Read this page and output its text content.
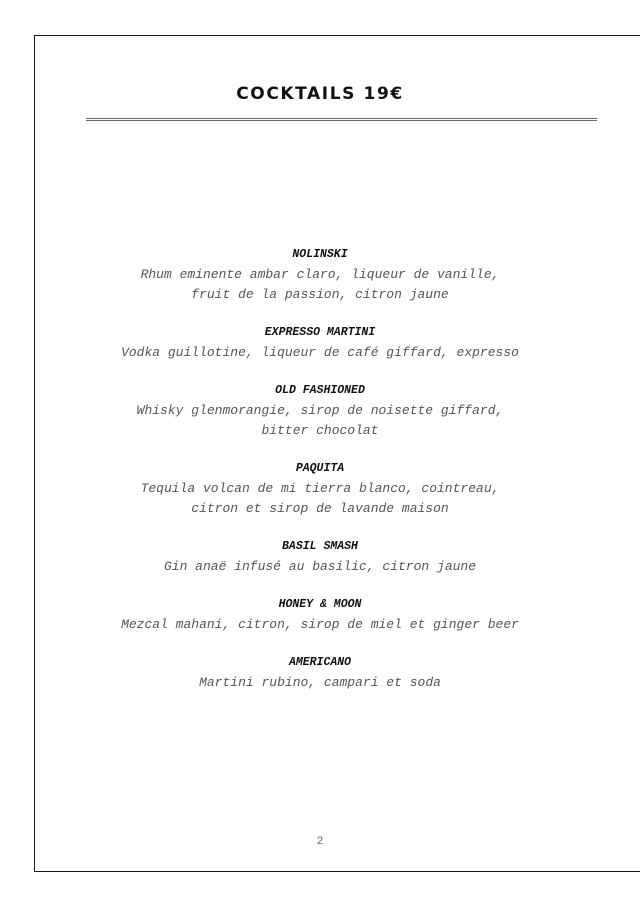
COCKTAILS 19€
NOLINSKI
Rhum eminente ambar claro, liqueur de vanille,
fruit de la passion, citron jaune
EXPRESSO MARTINI
Vodka guillotine, liqueur de café giffard, expresso
OLD FASHIONED
Whisky glenmorangie, sirop de noisette giffard,
bitter chocolat
PAQUITA
Tequila volcan de mi tierra blanco, cointreau,
citron et sirop de lavande maison
BASIL SMASH
Gin anaë infusé au basilic, citron jaune
HONEY & MOON
Mezcal mahani, citron, sirop de miel et ginger beer
AMERICANO
Martini rubino, campari et soda
2
